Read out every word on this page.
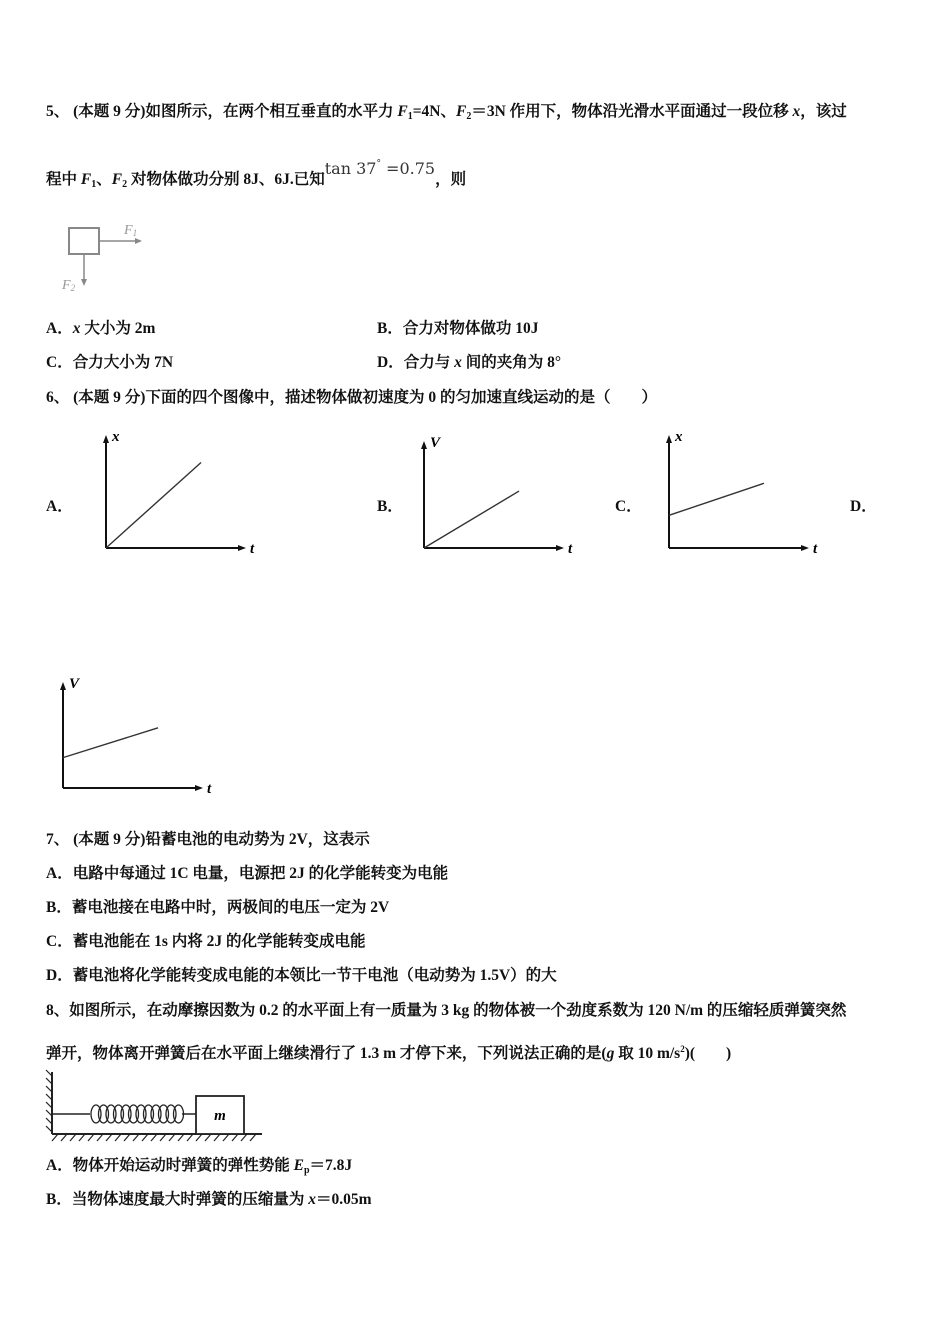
5、 (本题 9 分)如图所示，在两个相互垂直的水平力 $F_1=4N$、$F_2=3N$ 作用下，物体沿光滑水平面通过一段位移 x，该过
程中 $F_1$、$F_2$ 对物体做功分别 8J、6J.已知tan 37° =0.75，则
F1
F2
A．x 大小为 2m	B．合力对物体做功 10J
C．合力大小为 7N	D．合力与 x 间的夹角为 8°
6、 (本题 9 分)下面的四个图像中，描述物体做初速度为 0 的匀加速直线运动的是（　　）
A．	B．	C．	D．
x
t
V
t
x
t
V
t
7、 (本题 9 分)铅蓄电池的电动势为 2V，这表示
A．电路中每通过 1C 电量，电源把 2J 的化学能转变为电能
B．蓄电池接在电路中时，两极间的电压一定为 2V
C．蓄电池能在 1s 内将 2J 的化学能转变成电能
D．蓄电池将化学能转变成电能的本领比一节干电池（电动势为 1.5V）的大
8、如图所示，在动摩擦因数为 0.2 的水平面上有一质量为 3 kg 的物体被一个劲度系数为 120 N/m 的压缩轻质弹簧突然
弹开，物体离开弹簧后在水平面上继续滑行了 1.3 m 才停下来，下列说法正确的是(g 取 10 $m/s^2$)(　　)
m
A．物体开始运动时弹簧的弹性势能 $E_p=7.8J$
B．当物体速度最大时弹簧的压缩量为 x＝0.05m
